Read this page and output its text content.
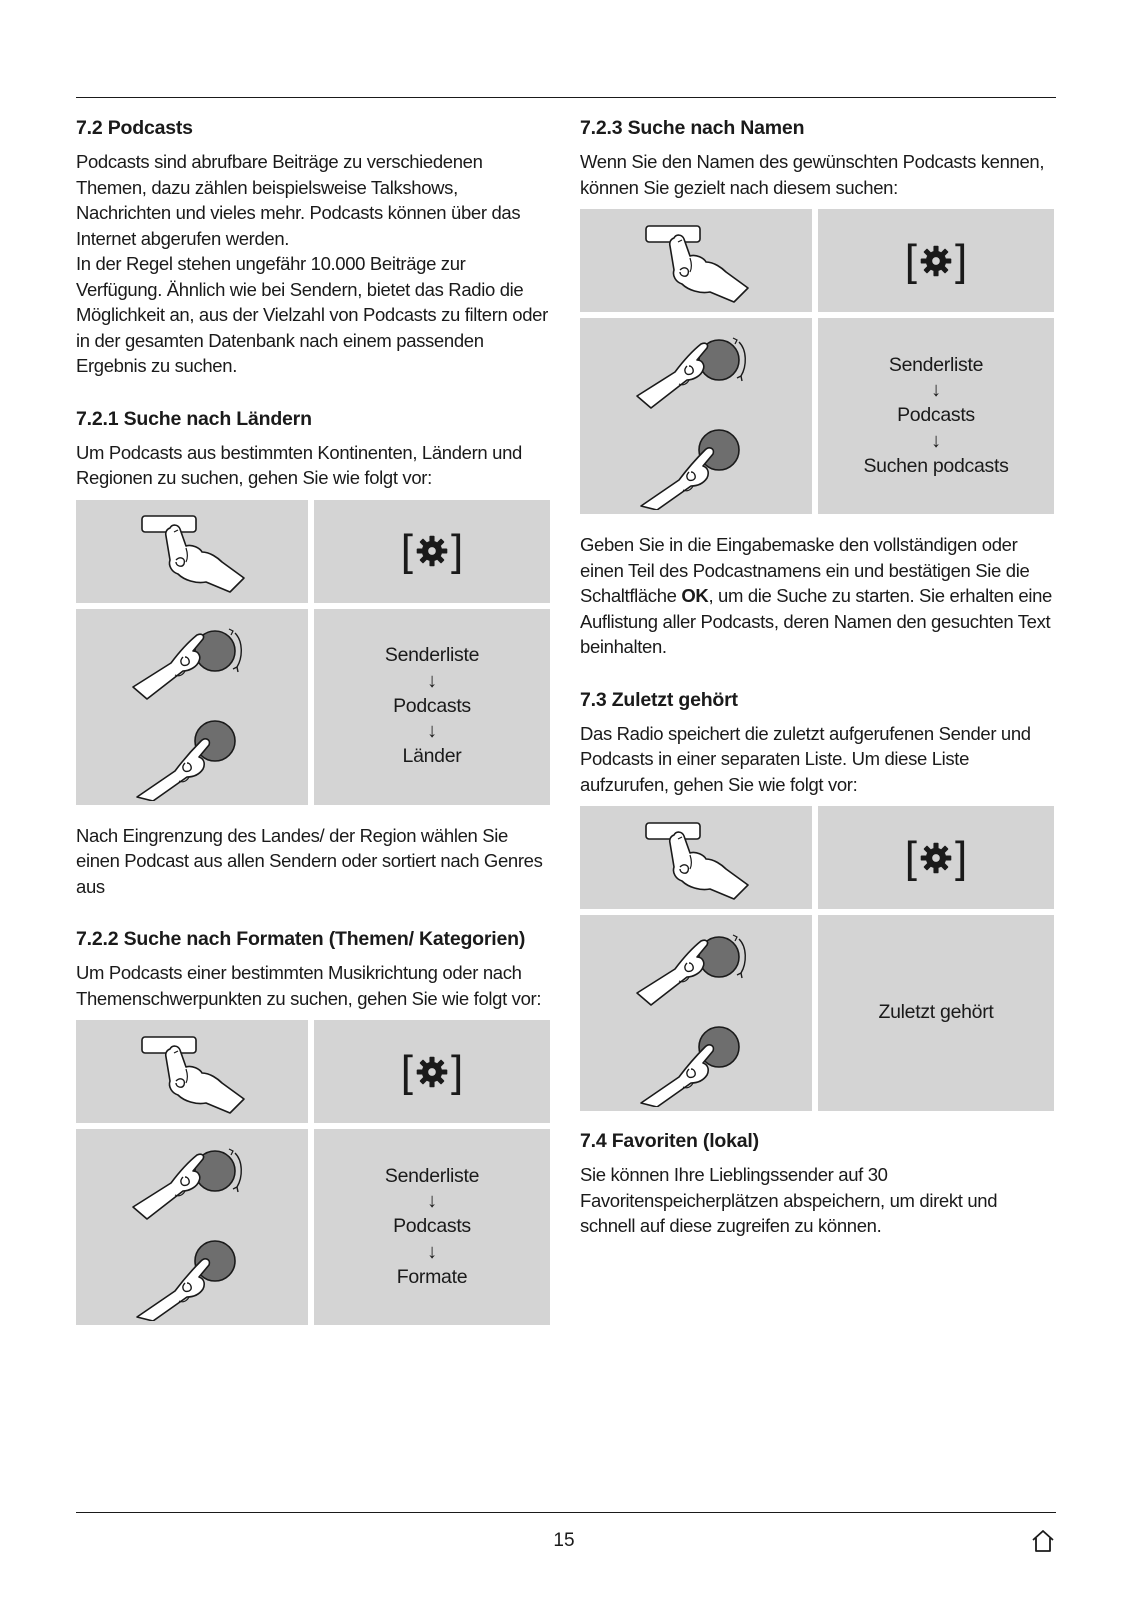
7.2 Podcasts

Podcasts sind abrufbare Beiträge zu verschiedenen Themen, dazu zählen beispielsweise Talkshows, Nachrichten und vieles mehr. Podcasts können über das Internet abgerufen werden.

In der Regel stehen ungefähr 10.000 Beiträge zur Verfügung. Ähnlich wie bei Sendern, bietet das Radio die Möglichkeit an, aus der Vielzahl von Podcasts zu filtern oder in der gesamten Datenbank nach einem passenden Ergebnis zu suchen.

7.2.1 Suche nach Ländern

Um Podcasts aus bestimmten Kontinenten, Ländern und Regionen zu suchen, gehen Sie wie folgt vor:

[ ]
Senderliste
↓
Podcasts
↓
Länder

Nach Eingrenzung des Landes/ der Region wählen Sie einen Podcast aus allen Sendern oder sortiert nach Genres aus

7.2.2 Suche nach Formaten (Themen/ Kategorien)

Um Podcasts einer bestimmten Musikrichtung oder nach Themenschwerpunkten zu suchen, gehen Sie wie folgt vor:

[ ]
Senderliste
↓
Podcasts
↓
Formate
7.2.3 Suche nach Namen

Wenn Sie den Namen des gewünschten Podcasts kennen, können Sie gezielt nach diesem suchen:

[ ]
Senderliste
↓
Podcasts
↓
Suchen podcasts

Geben Sie in die Eingabemaske den vollständigen oder einen Teil des Podcastnamens ein und bestätigen Sie die Schaltfläche OK, um die Suche zu starten. Sie erhalten eine Auflistung aller Podcasts, deren Namen den gesuchten Text beinhalten.

7.3 Zuletzt gehört

Das Radio speichert die zuletzt aufgerufenen Sender und Podcasts in einer separaten Liste. Um diese Liste aufzurufen, gehen Sie wie folgt vor:

[ ]
Zuletzt gehört
7.4 Favoriten (lokal)

Sie können Ihre Lieblingssender auf 30 Favoritenspeicherplätzen abspeichern, um direkt und schnell auf diese zugreifen zu können.

15
